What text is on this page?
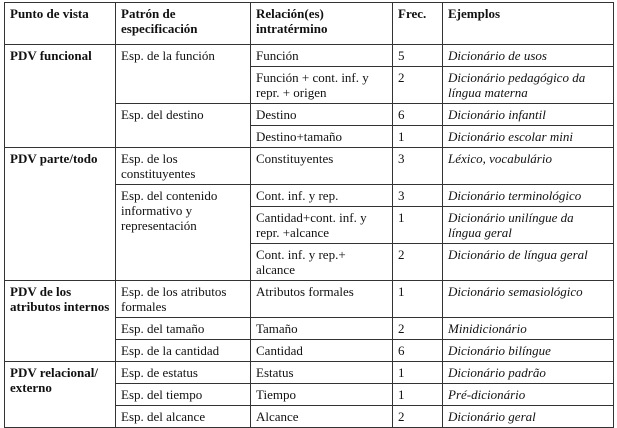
Punto de vista	Patrón de especificación	Relación(es) intratérmino	Frec.	Ejemplos
PDV funcional	Esp. de la función	Función	5	Dicionário de usos
		Función + cont. inf. y repr. + origen	2	Dicionário pedagógico da língua materna
	Esp. del destino	Destino	6	Dicionário infantil
		Destino+tamaño	1	Dicionário escolar mini
PDV parte/todo	Esp. de los constituyentes	Constituyentes	3	Léxico, vocabulário
	Esp. del contenido informativo y representación	Cont. inf. y rep.	3	Dicionário terminológico
		Cantidad+cont. inf. y repr. +alcance	1	Dicionário unilíngue da língua geral
		Cont. inf. y rep.+ alcance	2	Dicionário de língua geral
PDV de los atributos internos	Esp. de los atributos formales	Atributos formales	1	Dicionário semasiológico
	Esp. del tamaño	Tamaño	2	Minidicionário
	Esp. de la cantidad	Cantidad	6	Dicionário bilíngue
PDV relacional/ externo	Esp. de estatus	Estatus	1	Dicionário padrão
	Esp. del tiempo	Tiempo	1	Pré-dicionário
	Esp. del alcance	Alcance	2	Dicionário geral
